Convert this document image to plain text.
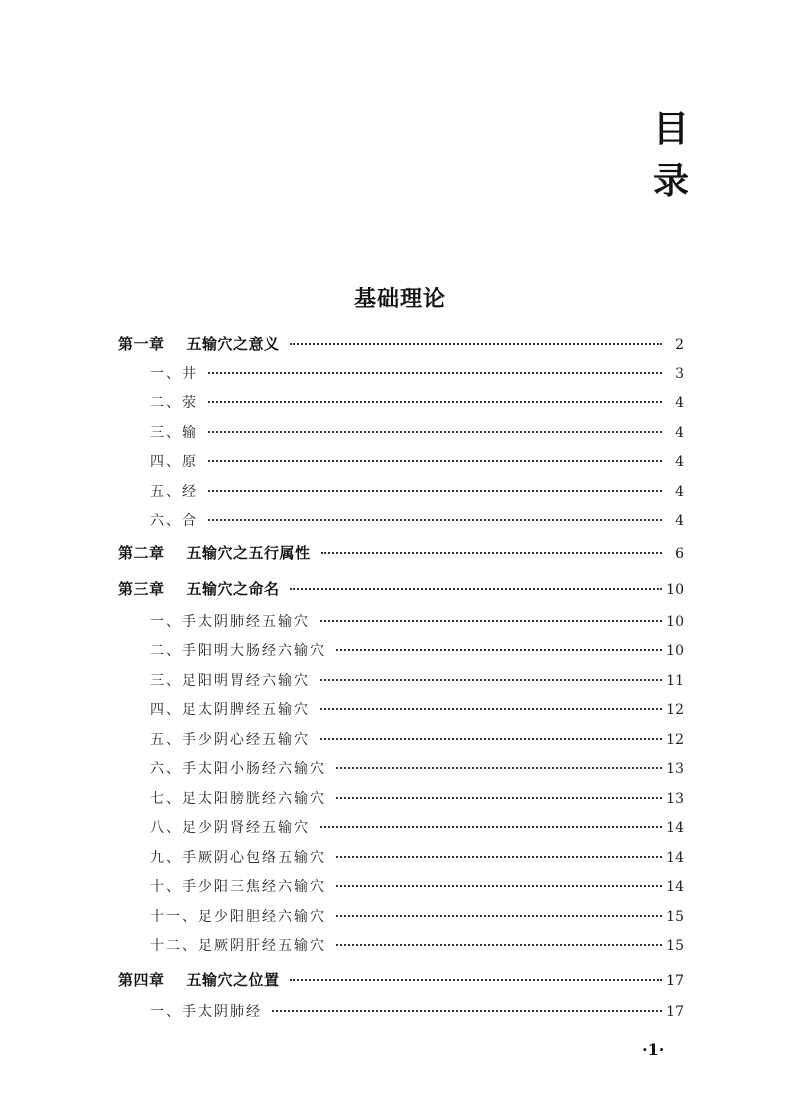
目
录
基础理论
第一章 五输穴之意义	2
一、井	3
二、荥	4
三、输	4
四、原	4
五、经	4
六、合	4
第二章 五输穴之五行属性	6
第三章 五输穴之命名	10
一、手太阴肺经五输穴	10
二、手阳明大肠经六输穴	10
三、足阳明胃经六输穴	11
四、足太阴脾经五输穴	12
五、手少阴心经五输穴	12
六、手太阳小肠经六输穴	13
七、足太阳膀胱经六输穴	13
八、足少阴肾经五输穴	14
九、手厥阴心包络五输穴	14
十、手少阳三焦经六输穴	14
十一、足少阳胆经六输穴	15
十二、足厥阴肝经五输穴	15
第四章 五输穴之位置	17
一、手太阴肺经	17
·1·
